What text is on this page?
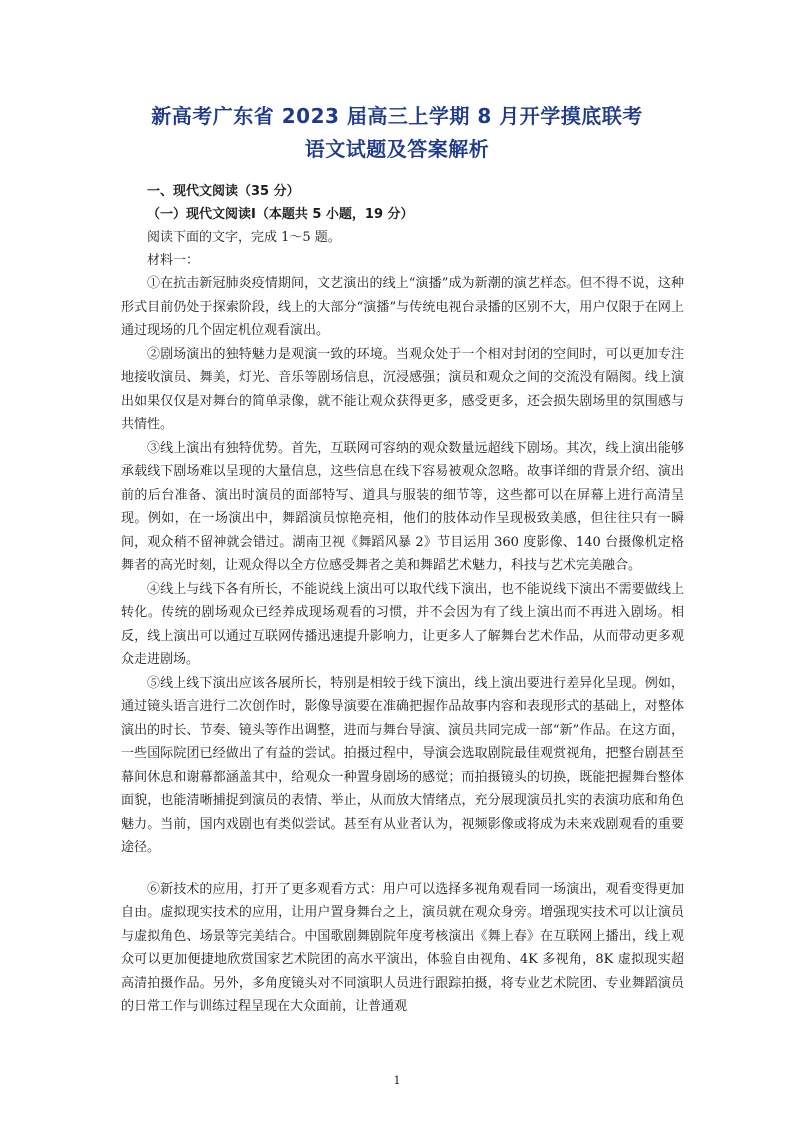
新高考广东省 2023 届高三上学期 8 月开学摸底联考
语文试题及答案解析
一、现代文阅读（35 分）
（一）现代文阅读Ⅰ（本题共 5 小题，19 分）
阅读下面的文字，完成 1～5 题。
材料一：

①在抗击新冠肺炎疫情期间，文艺演出的线上“演播”成为新潮的演艺样态。但不得不说，这种形式目前仍处于探索阶段，线上的大部分“演播”与传统电视台录播的区别不大，用户仅限于在网上通过现场的几个固定机位观看演出。

②剧场演出的独特魅力是观演一致的环境。当观众处于一个相对封闭的空间时，可以更加专注地接收演员、舞美，灯光、音乐等剧场信息，沉浸感强；演员和观众之间的交流没有隔阂。线上演出如果仅仅是对舞台的简单录像，就不能让观众获得更多，感受更多，还会损失剧场里的氛围感与共情性。

③线上演出有独特优势。首先，互联网可容纳的观众数量远超线下剧场。其次，线上演出能够承载线下剧场难以呈现的大量信息，这些信息在线下容易被观众忽略。故事详细的背景介绍、演出前的后台准备、演出时演员的面部特写、道具与服装的细节等，这些都可以在屏幕上进行高清呈现。例如，在一场演出中，舞蹈演员惊艳亮相，他们的肢体动作呈现极致美感，但往往只有一瞬间，观众稍不留神就会错过。湖南卫视《舞蹈风暴 2》节目运用 360 度影像、140 台摄像机定格舞者的高光时刻，让观众得以全方位感受舞者之美和舞蹈艺术魅力，科技与艺术完美融合。

④线上与线下各有所长，不能说线上演出可以取代线下演出，也不能说线下演出不需要做线上转化。传统的剧场观众已经养成现场观看的习惯，并不会因为有了线上演出而不再进入剧场。相反，线上演出可以通过互联网传播迅速提升影响力，让更多人了解舞台艺术作品，从而带动更多观众走进剧场。

⑤线上线下演出应该各展所长，特别是相较于线下演出，线上演出要进行差异化呈现。例如，通过镜头语言进行二次创作时，影像导演要在准确把握作品故事内容和表现形式的基础上，对整体演出的时长、节奏、镜头等作出调整，进而与舞台导演、演员共同完成一部“新”作品。在这方面，一些国际院团已经做出了有益的尝试。拍摄过程中，导演会选取剧院最佳观赏视角，把整台剧甚至幕间休息和谢幕都涵盖其中，给观众一种置身剧场的感觉；而拍摄镜头的切换，既能把握舞台整体面貌，也能清晰捕捉到演员的表情、举止，从而放大情绪点，充分展现演员扎实的表演功底和角色魅力。当前，国内戏剧也有类似尝试。甚至有从业者认为，视频影像或将成为未来戏剧观看的重要途径。

⑥新技术的应用，打开了更多观看方式：用户可以选择多视角观看同一场演出，观看变得更加自由。虚拟现实技术的应用，让用户置身舞台之上，演员就在观众身旁。增强现实技术可以让演员与虚拟角色、场景等完美结合。中国歌剧舞剧院年度考核演出《舞上春》在互联网上播出，线上观众可以更加便捷地欣赏国家艺术院团的高水平演出，体验自由视角、4K 多视角，8K 虚拟现实超高清拍摄作品。另外，多角度镜头对不同演职人员进行跟踪拍摄，将专业艺术院团、专业舞蹈演员的日常工作与训练过程呈现在大众面前，让普通观

1
